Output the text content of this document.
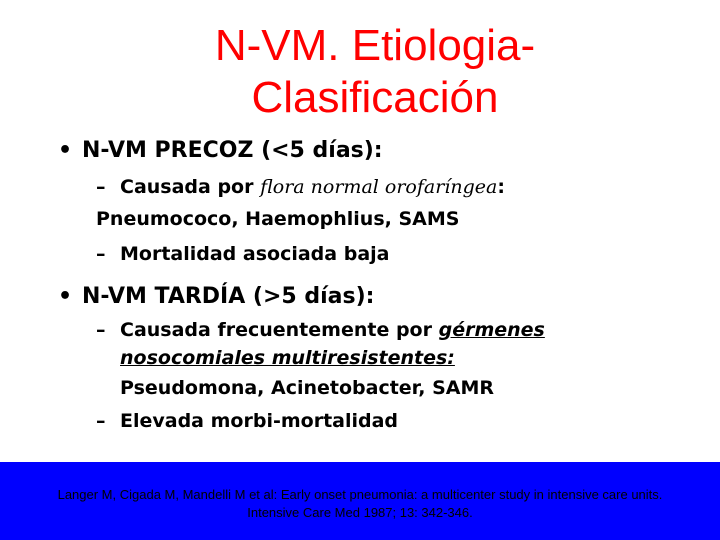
N-VM. Etiologia-
Clasificación
• N-VM PRECOZ (<5 días):
– Causada por flora normal orofaríngea:
Pneumococo, Haemophlius, SAMS
– Mortalidad asociada baja
• N-VM TARDÍA (>5 días):
– Causada frecuentemente por gérmenes
nosocomiales multiresistentes:
Pseudomona, Acinetobacter, SAMR
– Elevada morbi-mortalidad
Langer M, Cigada M, Mandelli M et al: Early onset pneumonia: a multicenter study in intensive care units.
Intensive Care Med 1987; 13: 342-346.
